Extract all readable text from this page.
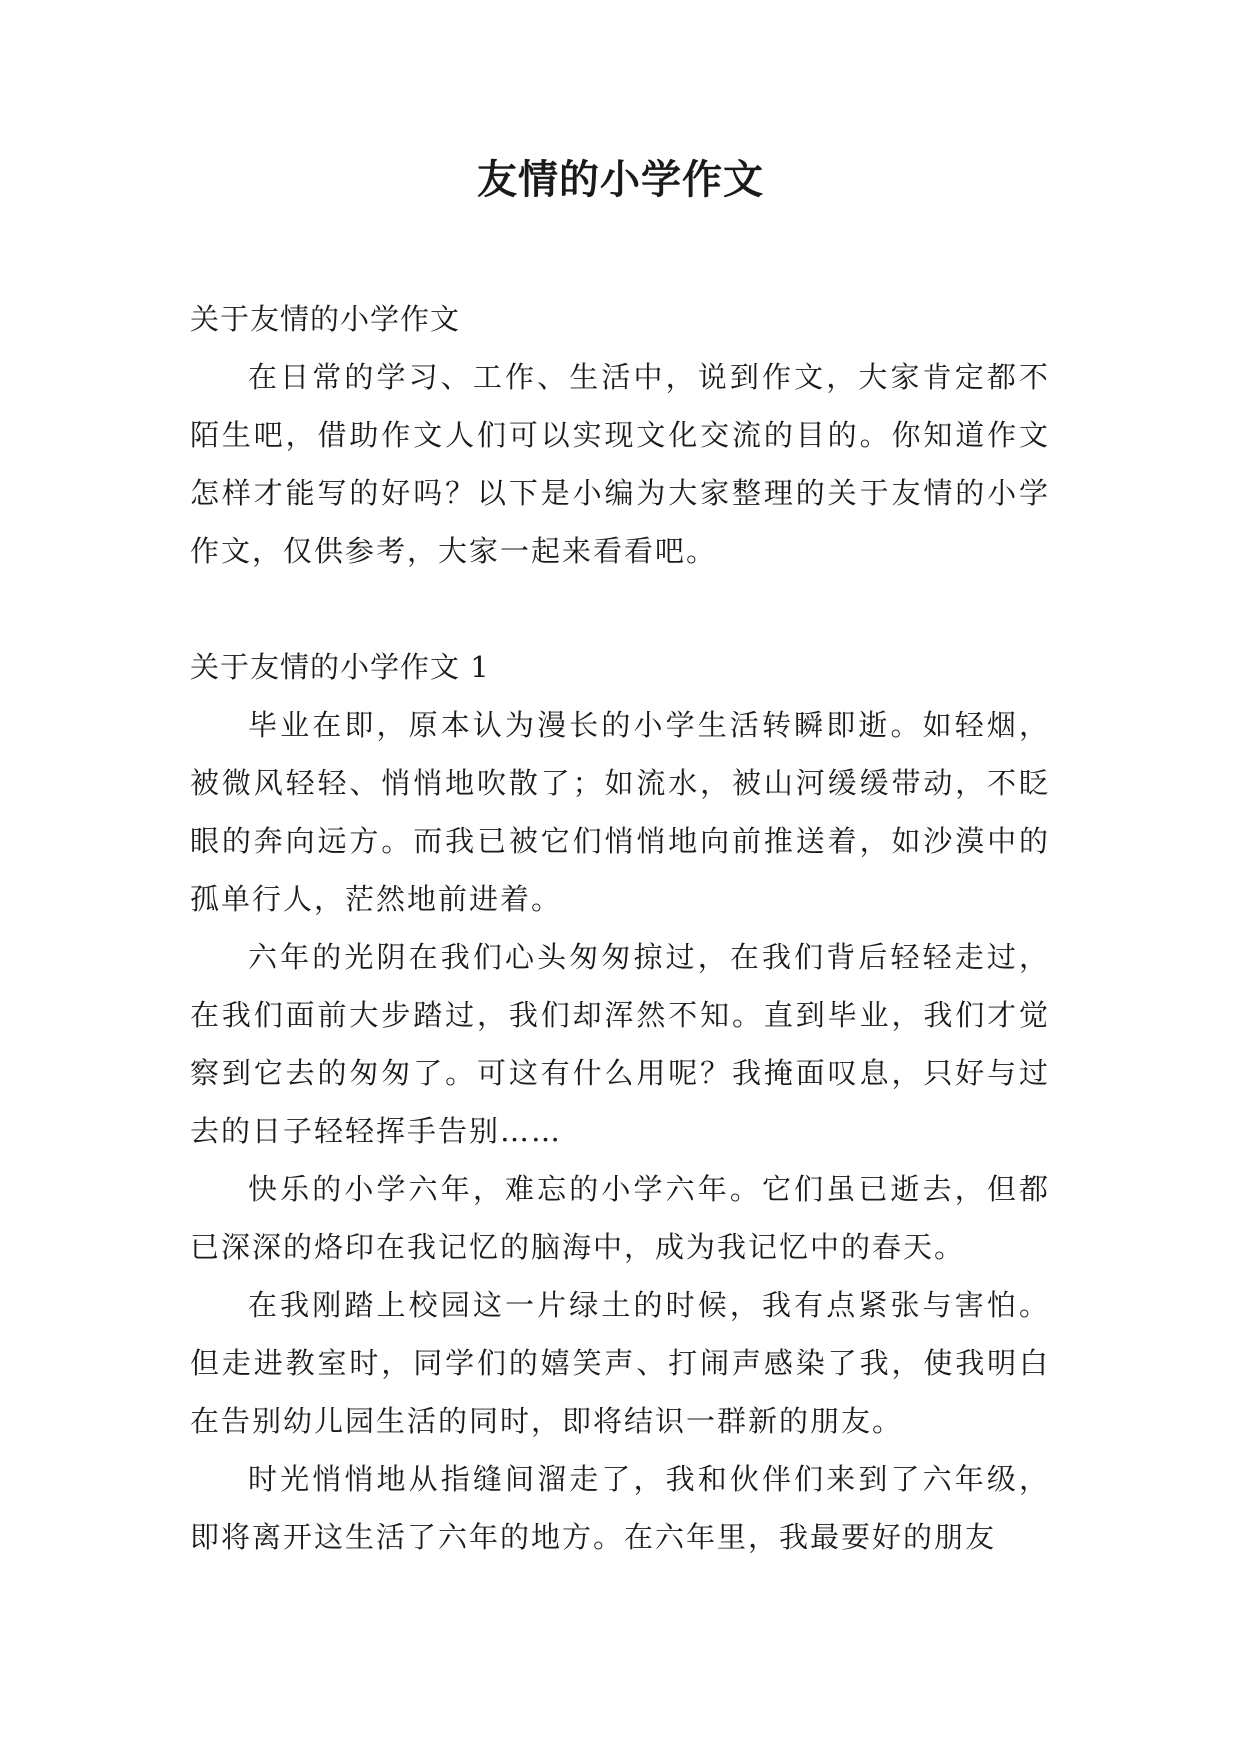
友情的小学作文

关于友情的小学作文

在日常的学习、工作、生活中，说到作文，大家肯定都不陌生吧，借助作文人们可以实现文化交流的目的。你知道作文怎样才能写的好吗？以下是小编为大家整理的关于友情的小学作文，仅供参考，大家一起来看看吧。

关于友情的小学作文 1

毕业在即，原本认为漫长的小学生活转瞬即逝。如轻烟，被微风轻轻、悄悄地吹散了；如流水，被山河缓缓带动，不眨眼的奔向远方。而我已被它们悄悄地向前推送着，如沙漠中的孤单行人，茫然地前进着。

六年的光阴在我们心头匆匆掠过，在我们背后轻轻走过，在我们面前大步踏过，我们却浑然不知。直到毕业，我们才觉察到它去的匆匆了。可这有什么用呢？我掩面叹息，只好与过去的日子轻轻挥手告别……

快乐的小学六年，难忘的小学六年。它们虽已逝去，但都已深深的烙印在我记忆的脑海中，成为我记忆中的春天。

在我刚踏上校园这一片绿土的时候，我有点紧张与害怕。但走进教室时，同学们的嬉笑声、打闹声感染了我，使我明白在告别幼儿园生活的同时，即将结识一群新的朋友。

时光悄悄地从指缝间溜走了，我和伙伴们来到了六年级，即将离开这生活了六年的地方。在六年里，我最要好的朋友
